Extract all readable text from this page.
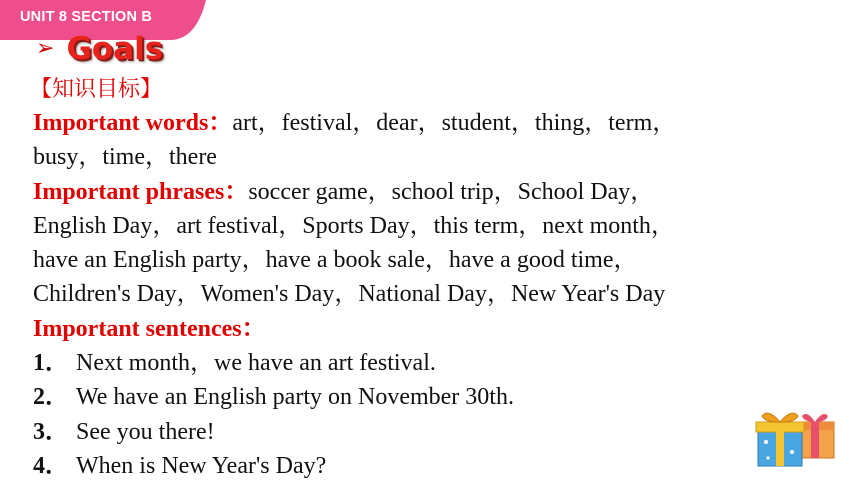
UNIT 8 SECTION B
➢ Goals
【知识目标】
Important words：art，festival，dear，student，thing，term，
busy，time，there
Important phrases：soccer game，school trip，School Day，
English Day，art festival，Sports Day，this term，next month，
have an English party，have a book sale，have a good time，
Children's Day，Women's Day，National Day，New Year's Day
Important sentences：
1． Next month，we have an art festival.
2． We have an English party on November 30th.
3． See you there!
4． When is New Year's Day?
